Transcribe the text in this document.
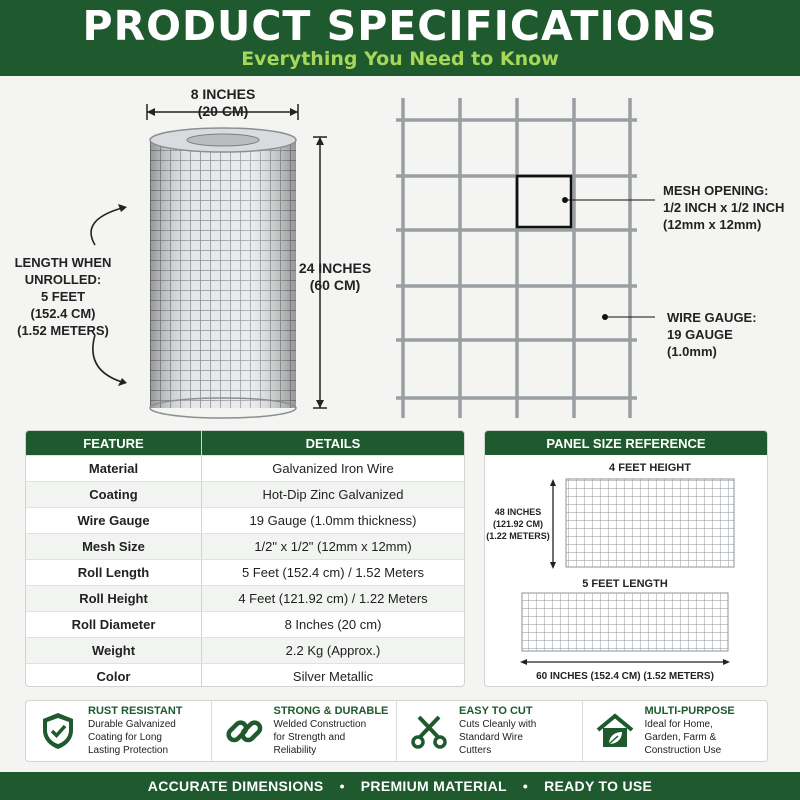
PRODUCT SPECIFICATIONS
Everything You Need to Know
8 INCHES
(20 CM)
24 INCHES
(60 CM)
LENGTH WHEN
UNROLLED:
5 FEET
(152.4 CM)
(1.52 METERS)
MESH OPENING:
1/2 INCH x 1/2 INCH
(12mm x 12mm)
WIRE GAUGE:
19 GAUGE
(1.0mm)
FEATURE	DETAILS
Material	Galvanized Iron Wire
Coating	Hot-Dip Zinc Galvanized
Wire Gauge	19 Gauge (1.0mm thickness)
Mesh Size	1/2" x 1/2" (12mm x 12mm)
Roll Length	5 Feet (152.4 cm) / 1.52 Meters
Roll Height	4 Feet (121.92 cm) / 1.22 Meters
Roll Diameter	8 Inches (20 cm)
Weight	2.2 Kg (Approx.)
Color	Silver Metallic
PANEL SIZE REFERENCE
4 FEET HEIGHT
48 INCHES
(121.92 CM)
(1.22 METERS)
5 FEET LENGTH
60 INCHES (152.4 CM) (1.52 METERS)
RUST RESISTANT
Durable Galvanized
Coating for Long
Lasting Protection
STRONG & DURABLE
Welded Construction
for Strength and
Reliability
EASY TO CUT
Cuts Cleanly with
Standard Wire
Cutters
MULTI-PURPOSE
Ideal for Home,
Garden, Farm &
Construction Use
ACCURATE DIMENSIONS • PREMIUM MATERIAL • READY TO USE
